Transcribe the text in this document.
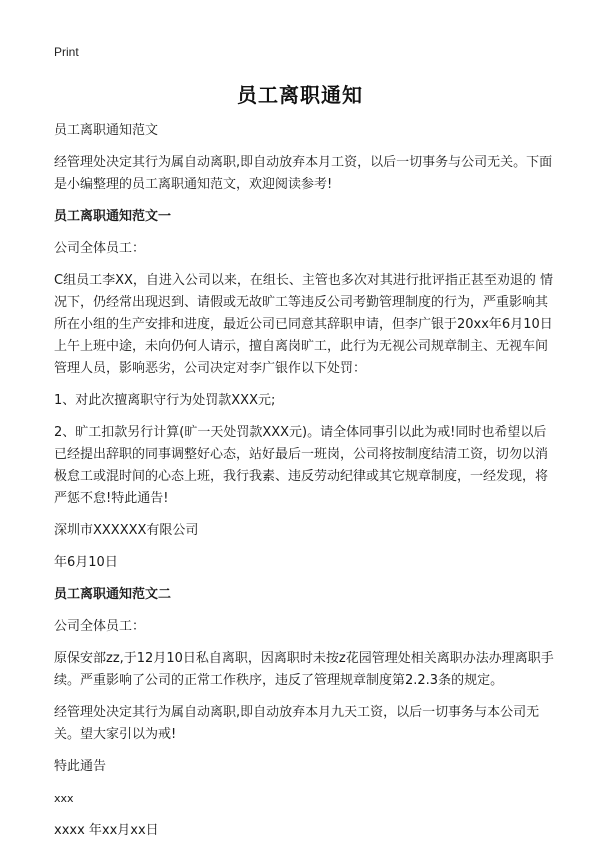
Print
员工离职通知

员工离职通知范文

经管理处决定其行为属自动离职,即自动放弃本月工资，以后一切事务与公司无关。下面是小编整理的员工离职通知范文，欢迎阅读参考!

员工离职通知范文一

公司全体员工：

C组员工李XX，自进入公司以来，在组长、主管也多次对其进行批评指正甚至劝退的 情况下，仍经常出现迟到、请假或无故旷工等违反公司考勤管理制度的行为，严重影响其所在小组的生产安排和进度，最近公司已同意其辞职申请，但李广银于20xx年6月10日上午上班中途，未向仍何人请示，擅自离岗旷工，此行为无视公司规章制主、无视车间管理人员，影响恶劣，公司决定对李广银作以下处罚：

1、对此次擅离职守行为处罚款XXX元;

2、旷工扣款另行计算(旷一天处罚款XXX元)。请全体同事引以此为戒!同时也希望以后已经提出辞职的同事调整好心态，站好最后一班岗，公司将按制度结清工资，切勿以消极怠工或混时间的心态上班，我行我素、违反劳动纪律或其它规章制度，一经发现，将严惩不怠!特此通告!

深圳市XXXXXX有限公司

年6月10日

员工离职通知范文二

公司全体员工：

原保安部zz,于12月10日私自离职，因离职时未按z花园管理处相关离职办法办理离职手续。严重影响了公司的正常工作秩序，违反了管理规章制度第2.2.3条的规定。

经管理处决定其行为属自动离职,即自动放弃本月九天工资，以后一切事务与本公司无关。望大家引以为戒!

特此通告

xxx

xxxx 年xx月xx日
